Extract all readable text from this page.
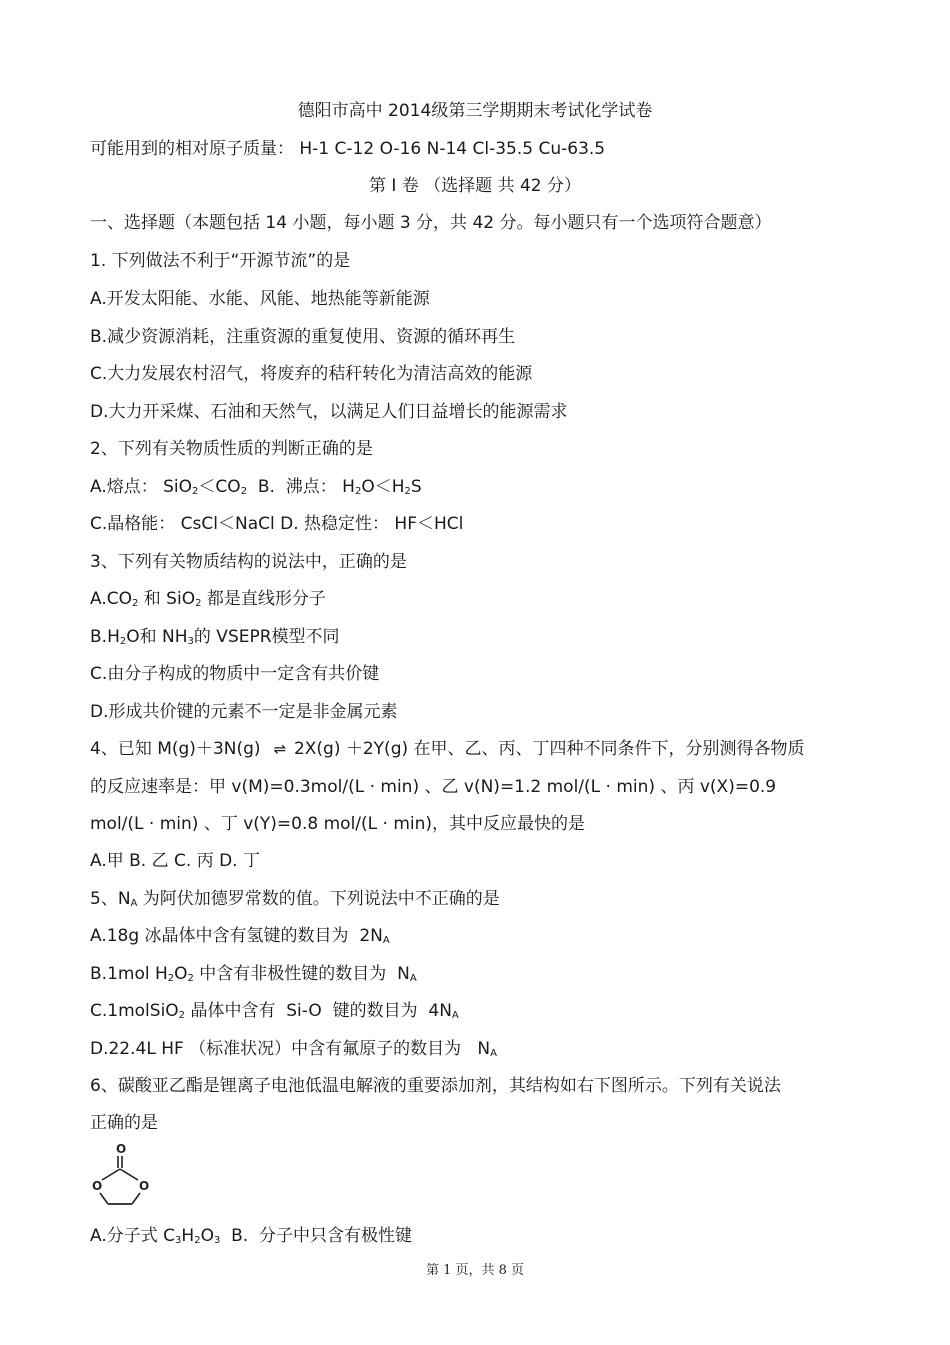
德阳市高中 2014级第三学期期末考试化学试卷
可能用到的相对原子质量： H-1 C-12 O-16 N-14 Cl-35.5 Cu-63.5
第 I 卷 （选择题 共 42 分）
一、选择题（本题包括 14 小题，每小题 3 分，共 42 分。每小题只有一个选项符合题意）
1. 下列做法不利于“开源节流”的是
A.开发太阳能、水能、风能、地热能等新能源
B.减少资源消耗，注重资源的重复使用、资源的循环再生
C.大力发展农村沼气，将废弃的秸秆转化为清洁高效的能源
D.大力开采煤、石油和天然气，以满足人们日益增长的能源需求
2、下列有关物质性质的判断正确的是
A.熔点： $SiO_2<CO_2$  B.  沸点： $H_2O<H_2S$
C.晶格能： CsCl＜NaCl D. 热稳定性： HF＜HCl
3、下列有关物质结构的说法中，正确的是
$A.CO_2$ 和 SiO$_2$ 都是直线形分子
$B.H_2O$和 $NH_3$的 VSEPR模型不同
C.由分子构成的物质中一定含有共价键
D.形成共价键的元素不一定是非金属元素
4、已知 M(g)＋3N(g) ⇌ 2X(g) ＋2Y(g) 在甲、乙、丙、丁四种不同条件下，分别测得各物质
的反应速率是：甲 v(M)=0.3mol/(L · min) 、乙 v(N)=1.2 mol/(L · min) 、丙 v(X)=0.9
mol/(L · min) 、丁 v(Y)=0.8 mol/(L · min)，其中反应最快的是
A.甲 B. 乙 C. 丙 D. 丁
5、$N_A$ 为阿伏加德罗常数的值。下列说法中不正确的是
A.18g 冰晶体中含有氢键的数目为  $2N_A$
B.1mol $H_2O_2$ 中含有非极性键的数目为  $N_A$
C.1molSiO$_2$ 晶体中含有  Si-O  键的数目为  $4N_A$
D.22.4L HF （标准状况）中含有氟原子的数目为   $N_A$
6、碳酸亚乙酯是锂离子电池低温电解液的重要添加剂，其结构如右下图所示。下列有关说法
正确的是
O
O	O
A.分子式 $C_3H_2O_3$  B.  分子中只含有极性键
第 1 页，共 8 页
